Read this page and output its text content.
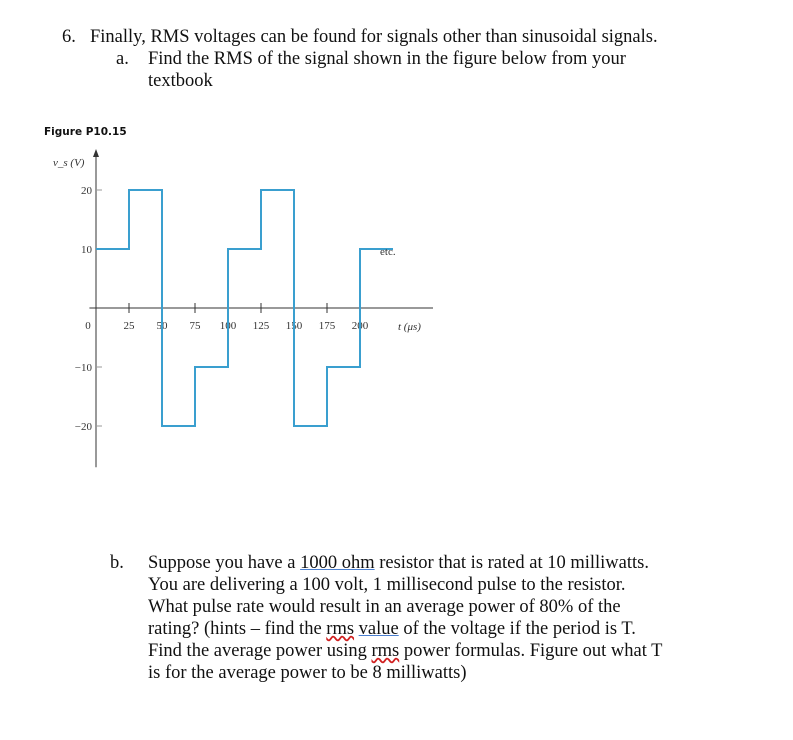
6. Finally, RMS voltages can be found for signals other than sinusoidal signals.
a. Find the RMS of the signal shown in the figure below from your
textbook
Figure P10.15
v_s (V)
t (μs)
0	25 50 75 100 125 150 175 200
20
10
−10
−20
etc.
b. Suppose you have a 1000 ohm resistor that is rated at 10 milliwatts.
You are delivering a 100 volt, 1 millisecond pulse to the resistor.
What pulse rate would result in an average power of 80% of the
rating? (hints – find the rms value of the voltage if the period is T.
Find the average power using rms power formulas. Figure out what T
is for the average power to be 8 milliwatts)
